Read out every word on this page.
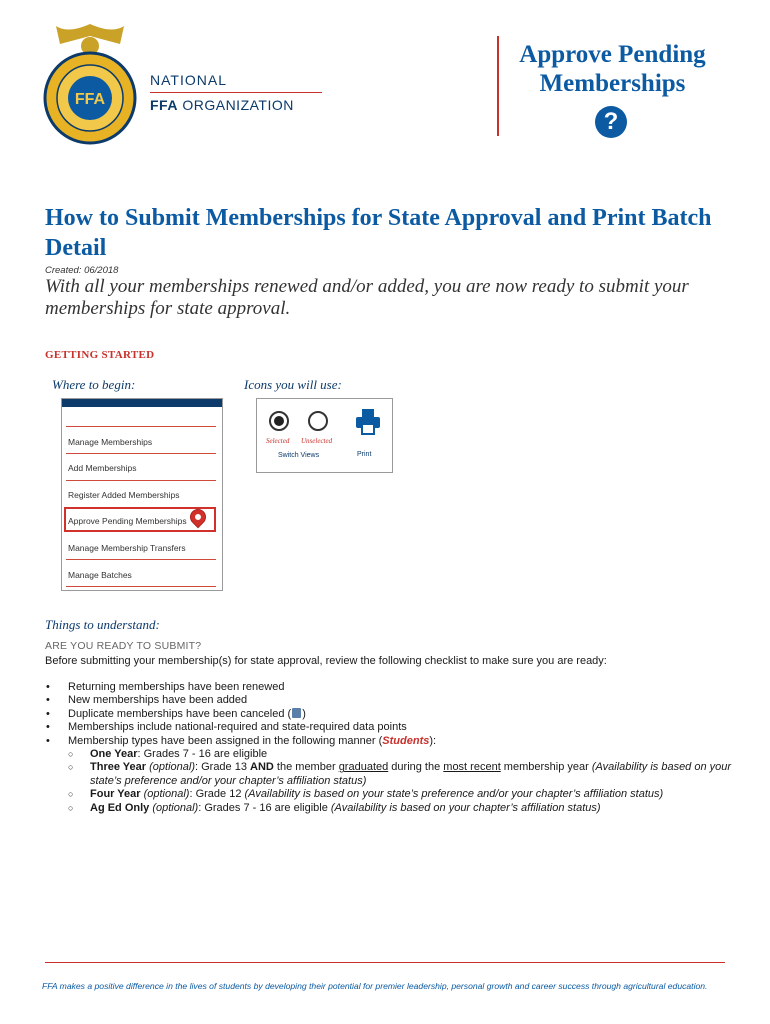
FFA
NATIONAL
FFA ORGANIZATION
Approve Pending
Memberships
?
How to Submit Memberships for State Approval and Print Batch Detail
Created: 06/2018
With all your memberships renewed and/or added, you are now ready to submit your memberships for state approval.
GETTING STARTED
Where to begin:	Icons you will use:
Manage Memberships
Add Memberships
Register Added Memberships
Approve Pending Memberships
Manage Membership Transfers
Manage Batches
Selected Unselected
Switch Views	Print
Things to understand:
ARE YOU READY TO SUBMIT?
Before submitting your membership(s) for state approval, review the following checklist to make sure you are ready:
• Returning memberships have been renewed
• New memberships have been added
• Duplicate memberships have been canceled ( )
• Memberships include national-required and state-required data points
• Membership types have been assigned in the following manner (Students):
○ One Year: Grades 7 - 16 are eligible
○ Three Year (optional): Grade 13 AND the member graduated during the most recent membership year (Availability is based on your state’s preference and/or your chapter’s affiliation status)
○ Four Year (optional): Grade 12 (Availability is based on your state’s preference and/or your chapter’s affiliation status)
○ Ag Ed Only (optional): Grades 7 - 16 are eligible (Availability is based on your chapter’s affiliation status)
FFA makes a positive difference in the lives of students by developing their potential for premier leadership, personal growth and career success through agricultural education.
